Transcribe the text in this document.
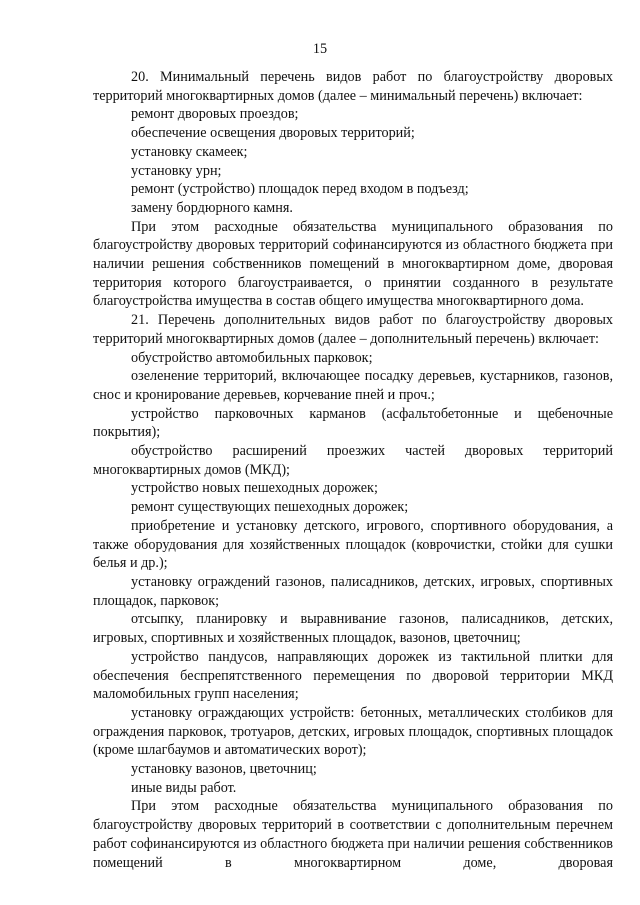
15

20. Минимальный перечень видов работ по благоустройству дворовых территорий многоквартирных домов (далее – минимальный перечень) включает:

ремонт дворовых проездов;

обеспечение освещения дворовых территорий;

установку скамеек;

установку урн;

ремонт (устройство) площадок перед входом в подъезд;

замену бордюрного камня.

При этом расходные обязательства муниципального образования по благоустройству дворовых территорий софинансируются из областного бюджета при наличии решения собственников помещений в многоквартирном доме, дворовая территория которого благоустраивается, о принятии созданного в результате благоустройства имущества в состав общего имущества многоквартирного дома.

21. Перечень дополнительных видов работ по благоустройству дворовых территорий многоквартирных домов (далее – дополнительный перечень) включает:

обустройство автомобильных парковок;

озеленение территорий, включающее посадку деревьев, кустарников, газонов, снос и кронирование деревьев, корчевание пней и проч.;

устройство парковочных карманов (асфальтобетонные и щебеночные покрытия);

обустройство расширений проезжих частей дворовых территорий многоквартирных домов (МКД);

устройство новых пешеходных дорожек;

ремонт существующих пешеходных дорожек;

приобретение и установку детского, игрового, спортивного оборудования, а также оборудования для хозяйственных площадок (коврочистки, стойки для сушки белья и др.);

установку ограждений газонов, палисадников, детских, игровых, спортивных площадок, парковок;

отсыпку, планировку и выравнивание газонов, палисадников, детских, игровых, спортивных и хозяйственных площадок, вазонов, цветочниц;

устройство пандусов, направляющих дорожек из тактильной плитки для обеспечения беспрепятственного перемещения по дворовой территории МКД маломобильных групп населения;

установку ограждающих устройств: бетонных, металлических столбиков для ограждения парковок, тротуаров, детских, игровых площадок, спортивных площадок (кроме шлагбаумов и автоматических ворот);

установку вазонов, цветочниц;

иные виды работ.

При этом расходные обязательства муниципального образования по благоустройству дворовых территорий в соответствии с дополнительным перечнем работ софинансируются из областного бюджета при наличии решения собственников помещений в многоквартирном доме, дворовая
